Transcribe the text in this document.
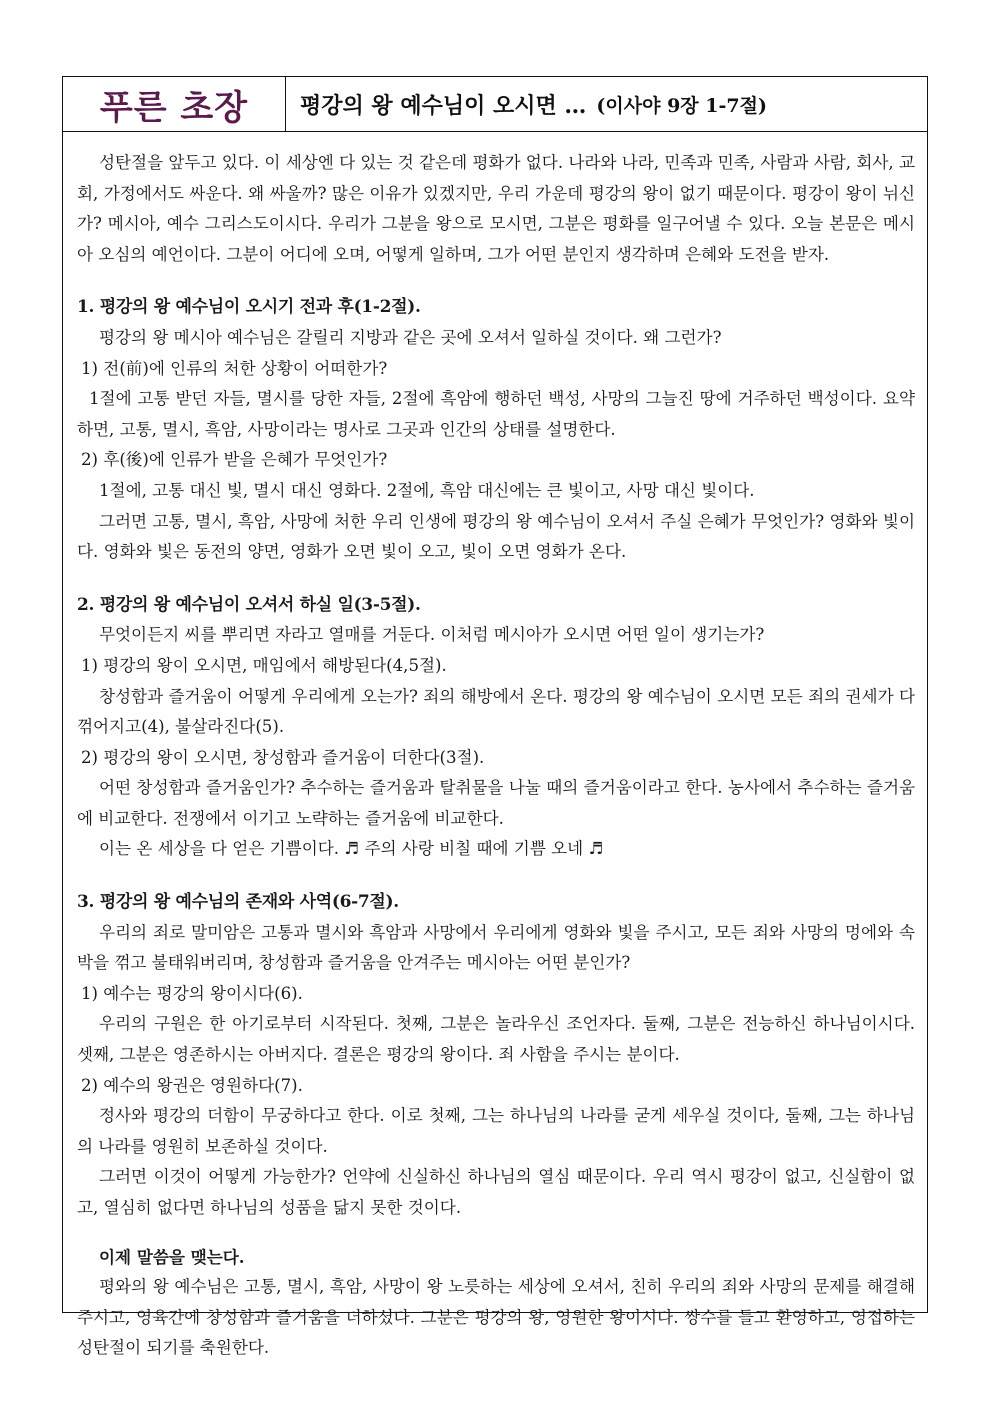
푸른 초장 평강의 왕 예수님이 오시면 … (이사야 9장 1-7절)

성탄절을 앞두고 있다. 이 세상엔 다 있는 것 같은데 평화가 없다. 나라와 나라, 민족과 민족, 사람과 사람, 회사, 교회, 가정에서도 싸운다. 왜 싸울까? 많은 이유가 있겠지만, 우리 가운데 평강의 왕이 없기 때문이다. 평강이 왕이 뉘신가? 메시아, 예수 그리스도이시다. 우리가 그분을 왕으로 모시면, 그분은 평화를 일구어낼 수 있다. 오늘 본문은 메시아 오심의 예언이다. 그분이 어디에 오며, 어떻게 일하며, 그가 어떤 분인지 생각하며 은혜와 도전을 받자.

1. 평강의 왕 예수님이 오시기 전과 후(1-2절).

평강의 왕 메시아 예수님은 갈릴리 지방과 같은 곳에 오셔서 일하실 것이다. 왜 그런가?

1) 전(前)에 인류의 처한 상황이 어떠한가?

1절에 고통 받던 자들, 멸시를 당한 자들, 2절에 흑암에 행하던 백성, 사망의 그늘진 땅에 거주하던 백성이다. 요약하면, 고통, 멸시, 흑암, 사망이라는 명사로 그곳과 인간의 상태를 설명한다.

2) 후(後)에 인류가 받을 은혜가 무엇인가?

1절에, 고통 대신 빛, 멸시 대신 영화다. 2절에, 흑암 대신에는 큰 빛이고, 사망 대신 빛이다.

그러면 고통, 멸시, 흑암, 사망에 처한 우리 인생에 평강의 왕 예수님이 오셔서 주실 은혜가 무엇인가? 영화와 빛이다. 영화와 빛은 동전의 양면, 영화가 오면 빛이 오고, 빛이 오면 영화가 온다.

2. 평강의 왕 예수님이 오셔서 하실 일(3-5절).

무엇이든지 씨를 뿌리면 자라고 열매를 거둔다. 이처럼 메시아가 오시면 어떤 일이 생기는가?

1) 평강의 왕이 오시면, 매임에서 해방된다(4,5절).

창성함과 즐거움이 어떻게 우리에게 오는가? 죄의 해방에서 온다. 평강의 왕 예수님이 오시면 모든 죄의 권세가 다 꺾어지고(4), 불살라진다(5).

2) 평강의 왕이 오시면, 창성함과 즐거움이 더한다(3절).

어떤 창성함과 즐거움인가? 추수하는 즐거움과 탈취물을 나눌 때의 즐거움이라고 한다. 농사에서 추수하는 즐거움에 비교한다. 전쟁에서 이기고 노략하는 즐거움에 비교한다.

이는 온 세상을 다 얻은 기쁨이다. ♬ 주의 사랑 비칠 때에 기쁨 오네 ♬

3. 평강의 왕 예수님의 존재와 사역(6-7절).

우리의 죄로 말미암은 고통과 멸시와 흑암과 사망에서 우리에게 영화와 빛을 주시고, 모든 죄와 사망의 멍에와 속박을 꺾고 불태워버리며, 창성함과 즐거움을 안겨주는 메시아는 어떤 분인가?

1) 예수는 평강의 왕이시다(6).

우리의 구원은 한 아기로부터 시작된다. 첫째, 그분은 놀라우신 조언자다. 둘째, 그분은 전능하신 하나님이시다. 셋째, 그분은 영존하시는 아버지다. 결론은 평강의 왕이다. 죄 사함을 주시는 분이다.

2) 예수의 왕권은 영원하다(7).

정사와 평강의 더함이 무궁하다고 한다. 이로 첫째, 그는 하나님의 나라를 굳게 세우실 것이다, 둘째, 그는 하나님의 나라를 영원히 보존하실 것이다.

그러면 이것이 어떻게 가능한가? 언약에 신실하신 하나님의 열심 때문이다. 우리 역시 평강이 없고, 신실함이 없고, 열심히 없다면 하나님의 성품을 닮지 못한 것이다.

이제 말씀을 맺는다.

평와의 왕 예수님은 고통, 멸시, 흑암, 사망이 왕 노릇하는 세상에 오셔서, 친히 우리의 죄와 사망의 문제를 해결해주시고, 영육간에 창성함과 즐거움을 더하셨다. 그분은 평강의 왕, 영원한 왕이시다. 쌍수를 들고 환영하고, 영접하는 성탄절이 되기를 축원한다.
